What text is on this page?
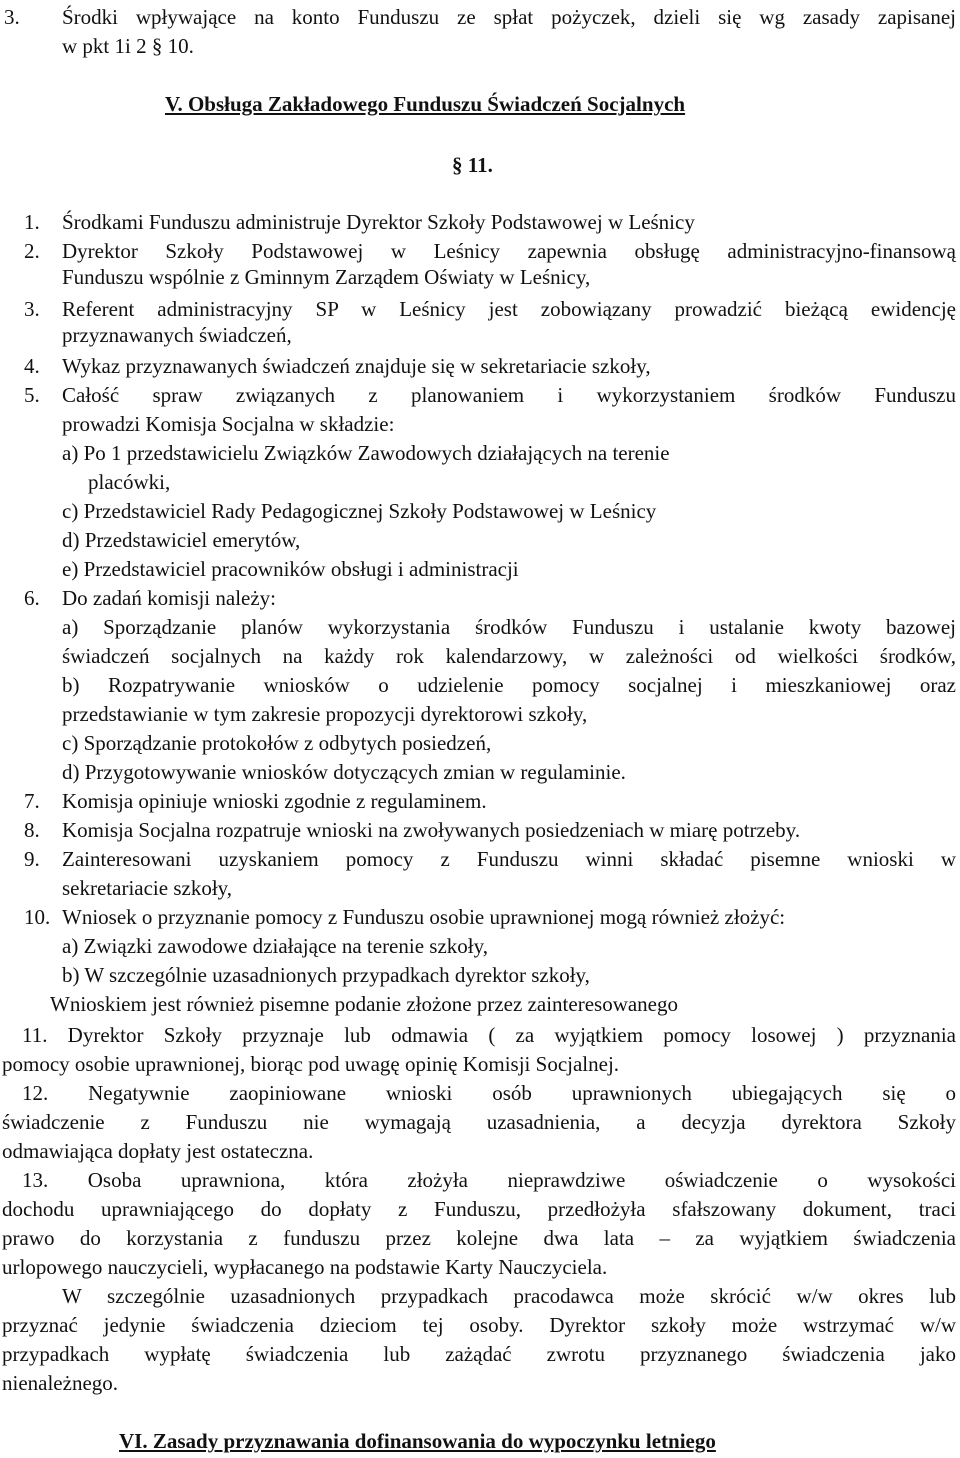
3. Środki wpływające na konto Funduszu ze spłat pożyczek, dzieli się wg zasady zapisanej
w pkt 1i 2 § 10.
V. Obsługa Zakładowego Funduszu Świadczeń Socjalnych
§ 11.
1. Środkami Funduszu administruje Dyrektor Szkoły Podstawowej w Leśnicy
2. Dyrektor Szkoły Podstawowej w Leśnicy zapewnia obsługę administracyjno-finansową
Funduszu wspólnie z Gminnym Zarządem Oświaty w Leśnicy,
3. Referent administracyjny SP w Leśnicy jest zobowiązany prowadzić bieżącą ewidencję
przyznawanych świadczeń,
4. Wykaz przyznawanych świadczeń znajduje się w sekretariacie szkoły,
5. Całość spraw związanych z planowaniem i wykorzystaniem środków Funduszu
prowadzi Komisja Socjalna w składzie:
a) Po 1 przedstawicielu Związków Zawodowych działających na terenie
placówki,
c) Przedstawiciel Rady Pedagogicznej Szkoły Podstawowej w Leśnicy
d) Przedstawiciel emerytów,
e) Przedstawiciel pracowników obsługi i administracji
6. Do zadań komisji należy:
a) Sporządzanie planów wykorzystania środków Funduszu i ustalanie kwoty bazowej
świadczeń socjalnych na każdy rok kalendarzowy, w zależności od wielkości środków,
b) Rozpatrywanie wniosków o udzielenie pomocy socjalnej i mieszkaniowej oraz
przedstawianie w tym zakresie propozycji dyrektorowi szkoły,
c) Sporządzanie protokołów z odbytych posiedzeń,
d) Przygotowywanie wniosków dotyczących zmian w regulaminie.
7. Komisja opiniuje wnioski zgodnie z regulaminem.
8. Komisja Socjalna rozpatruje wnioski na zwoływanych posiedzeniach w miarę potrzeby.
9. Zainteresowani uzyskaniem pomocy z Funduszu winni składać pisemne wnioski w
sekretariacie szkoły,
10. Wniosek o przyznanie pomocy z Funduszu osobie uprawnionej mogą również złożyć:
a) Związki zawodowe działające na terenie szkoły,
b) W szczególnie uzasadnionych przypadkach dyrektor szkoły,
Wnioskiem jest również pisemne podanie złożone przez zainteresowanego
11. Dyrektor Szkoły przyznaje lub odmawia ( za wyjątkiem pomocy losowej ) przyznania
pomocy osobie uprawnionej, biorąc pod uwagę opinię Komisji Socjalnej.
12. Negatywnie zaopiniowane wnioski osób uprawnionych ubiegających się o
świadczenie z Funduszu nie wymagają uzasadnienia, a decyzja dyrektora Szkoły
odmawiająca dopłaty jest ostateczna.
13. Osoba uprawniona, która złożyła nieprawdziwe oświadczenie o wysokości
dochodu uprawniającego do dopłaty z Funduszu, przedłożyła sfałszowany dokument, traci
prawo do korzystania z funduszu przez kolejne dwa lata – za wyjątkiem świadczenia
urlopowego nauczycieli, wypłacanego na podstawie Karty Nauczyciela.
W szczególnie uzasadnionych przypadkach pracodawca może skrócić w/w okres lub
przyznać jedynie świadczenia dzieciom tej osoby. Dyrektor szkoły może wstrzymać w/w
przypadkach wypłatę świadczenia lub zażądać zwrotu przyznanego świadczenia jako
nienależnego.
VI. Zasady przyznawania dofinansowania do wypoczynku letniego
